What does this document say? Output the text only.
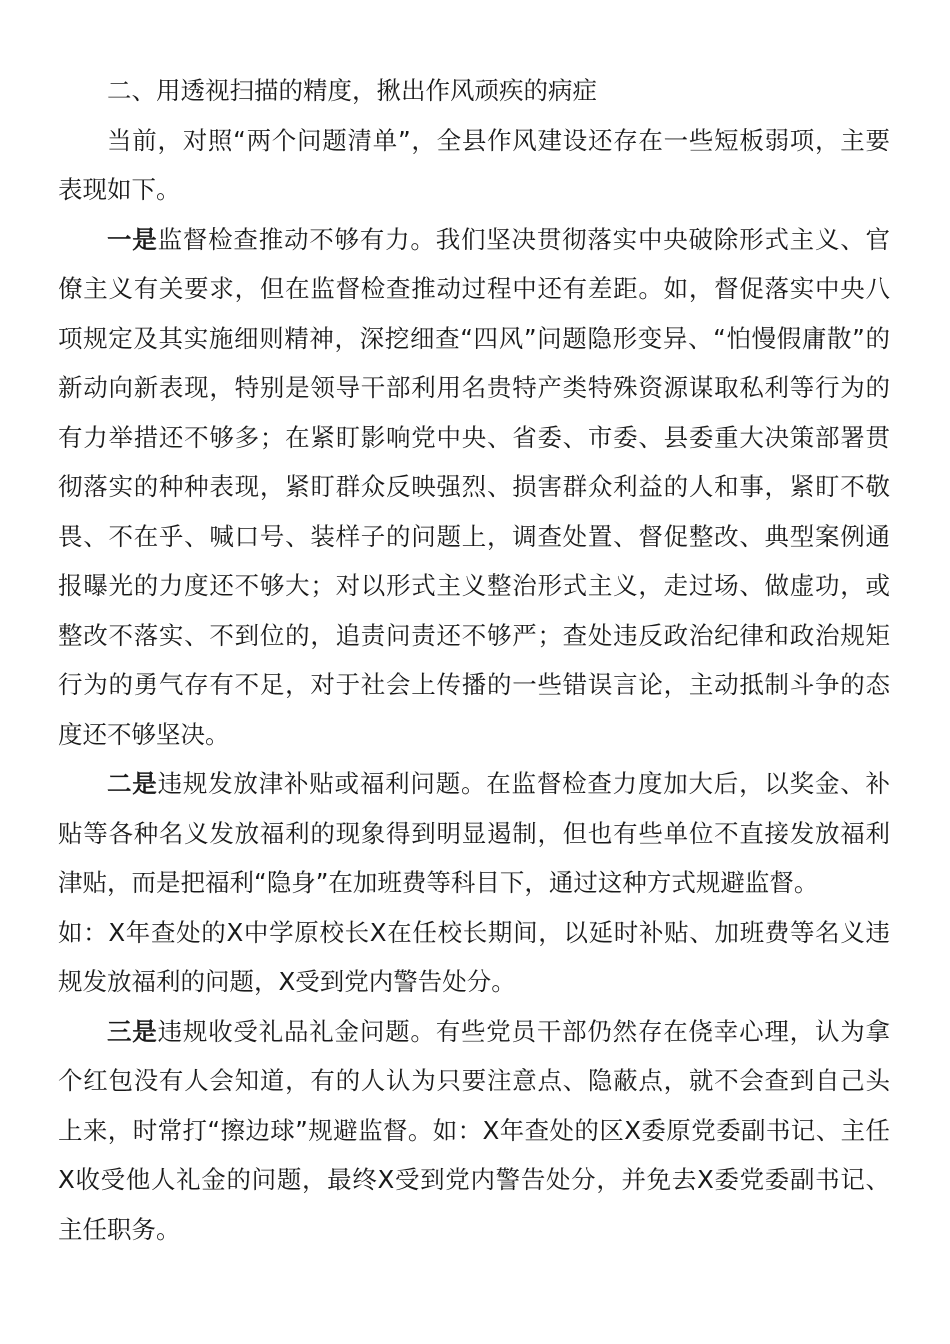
二、用透视扫描的精度，揪出作风顽疾的病症

当前，对照“两个问题清单”，全县作风建设还存在一些短板弱项，主要表现如下。

一是监督检查推动不够有力。我们坚决贯彻落实中央破除形式主义、官僚主义有关要求，但在监督检查推动过程中还有差距。如，督促落实中央八项规定及其实施细则精神，深挖细查“四风”问题隐形变异、“怕慢假庸散”的新动向新表现，特别是领导干部利用名贵特产类特殊资源谋取私利等行为的有力举措还不够多；在紧盯影响党中央、省委、市委、县委重大决策部署贯彻落实的种种表现，紧盯群众反映强烈、损害群众利益的人和事，紧盯不敬畏、不在乎、喊口号、装样子的问题上，调查处置、督促整改、典型案例通报曝光的力度还不够大；对以形式主义整治形式主义，走过场、做虚功，或整改不落实、不到位的，追责问责还不够严；查处违反政治纪律和政治规矩行为的勇气存有不足，对于社会上传播的一些错误言论，主动抵制斗争的态度还不够坚决。

二是违规发放津补贴或福利问题。在监督检查力度加大后，以奖金、补贴等各种名义发放福利的现象得到明显遏制，但也有些单位不直接发放福利津贴，而是把福利“隐身”在加班费等科目下，通过这种方式规避监督。
如：X年查处的X中学原校长X在任校长期间，以延时补贴、加班费等名义违规发放福利的问题，X受到党内警告处分。

三是违规收受礼品礼金问题。有些党员干部仍然存在侥幸心理，认为拿个红包没有人会知道，有的人认为只要注意点、隐蔽点，就不会查到自己头上来，时常打“擦边球”规避监督。如：X年查处的区X委原党委副书记、主任X收受他人礼金的问题，最终X受到党内警告处分，并免去X委党委副书记、主任职务。
